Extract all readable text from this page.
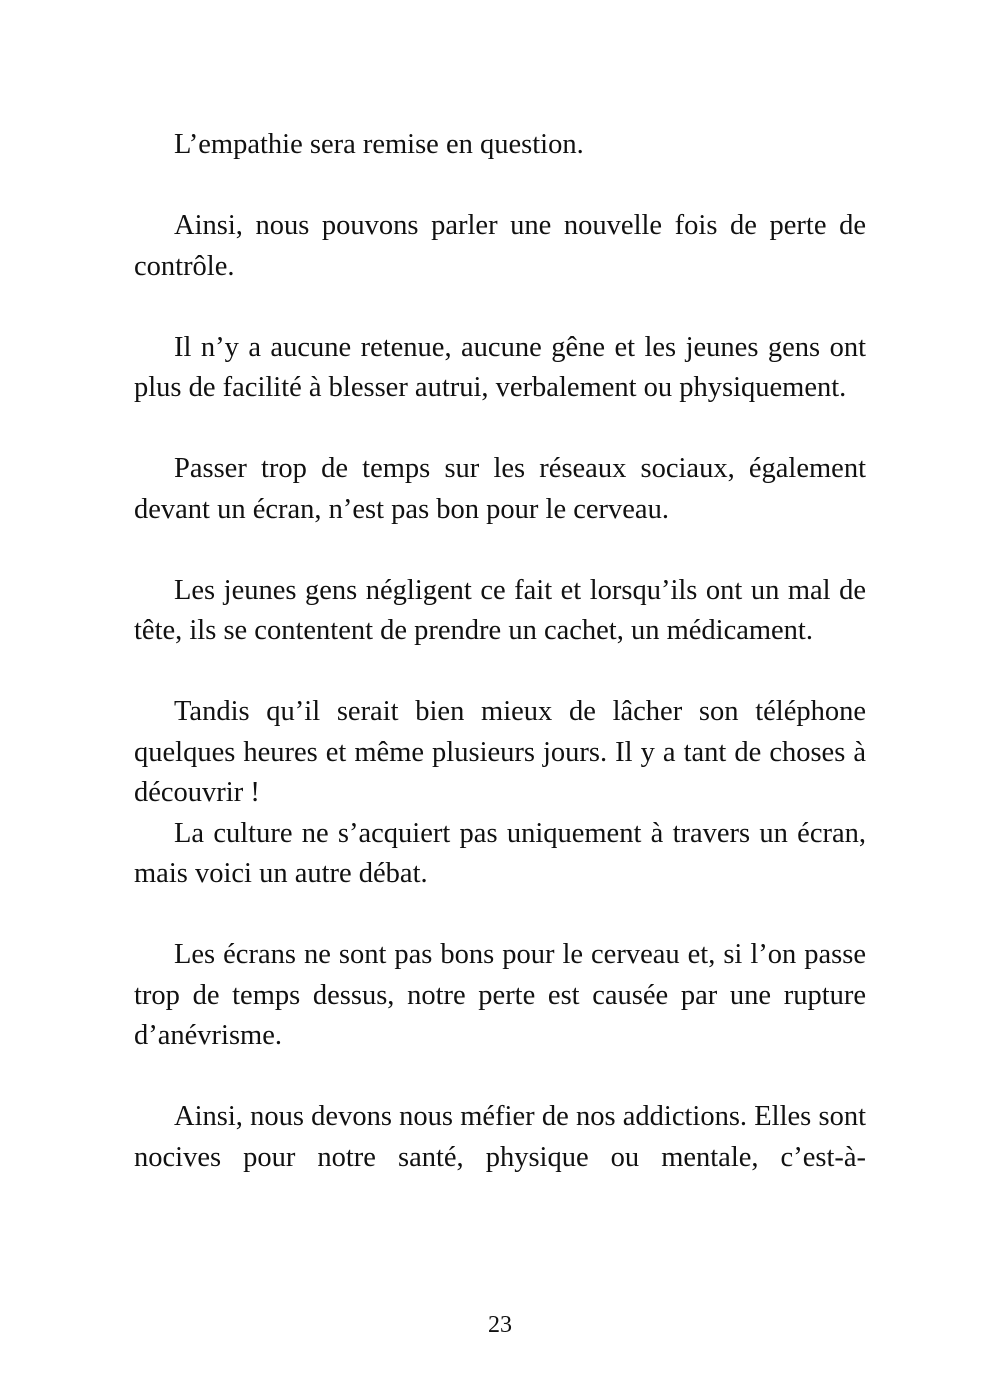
L’empathie sera remise en question.

Ainsi, nous pouvons parler une nouvelle fois de perte de contrôle.

Il n’y a aucune retenue, aucune gêne et les jeunes gens ont plus de facilité à blesser autrui, verbalement ou physiquement.

Passer trop de temps sur les réseaux sociaux, également devant un écran, n’est pas bon pour le cerveau.

Les jeunes gens négligent ce fait et lorsqu’ils ont un mal de tête, ils se contentent de prendre un cachet, un médicament.

Tandis qu’il serait bien mieux de lâcher son téléphone quelques heures et même plusieurs jours. Il y a tant de choses à découvrir !

La culture ne s’acquiert pas uniquement à travers un écran, mais voici un autre débat.

Les écrans ne sont pas bons pour le cerveau et, si l’on passe trop de temps dessus, notre perte est causée par une rupture d’anévrisme.

Ainsi, nous devons nous méfier de nos addictions. Elles sont nocives pour notre santé, physique ou mentale, c’est-à-

23
